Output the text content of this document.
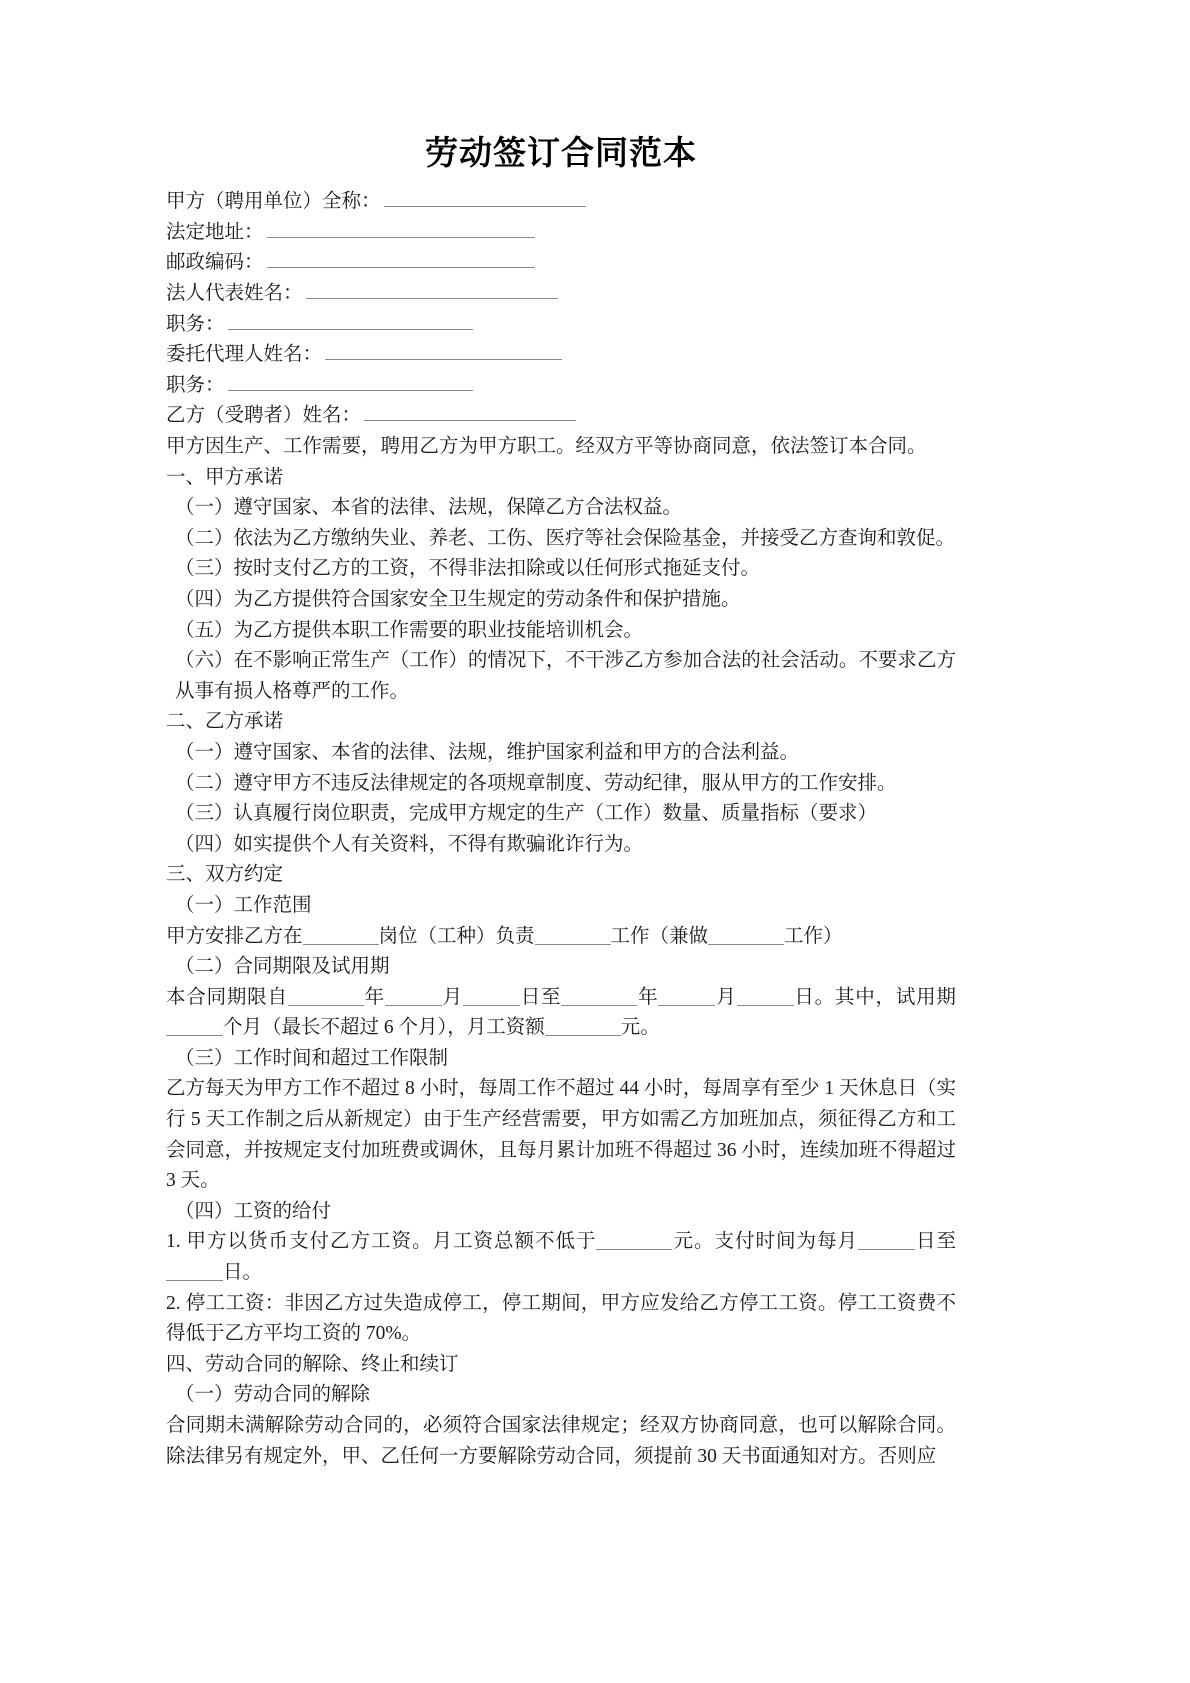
劳动签订合同范本
甲方（聘用单位）全称：
法定地址：
邮政编码：
法人代表姓名：
职务：
委托代理人姓名：
职务：
乙方（受聘者）姓名：
甲方因生产、工作需要，聘用乙方为甲方职工。经双方平等协商同意，依法签订本合同。
一、甲方承诺
（一）遵守国家、本省的法律、法规，保障乙方合法权益。
（二）依法为乙方缴纳失业、养老、工伤、医疗等社会保险基金，并接受乙方查询和敦促。
（三）按时支付乙方的工资，不得非法扣除或以任何形式拖延支付。
（四）为乙方提供符合国家安全卫生规定的劳动条件和保护措施。
（五）为乙方提供本职工作需要的职业技能培训机会。
（六）在不影响正常生产（工作）的情况下，不干涉乙方参加合法的社会活动。不要求乙方从事有损人格尊严的工作。
二、乙方承诺
（一）遵守国家、本省的法律、法规，维护国家利益和甲方的合法利益。
（二）遵守甲方不违反法律规定的各项规章制度、劳动纪律，服从甲方的工作安排。
（三）认真履行岗位职责，完成甲方规定的生产（工作）数量、质量指标（要求）
（四）如实提供个人有关资料，不得有欺骗讹诈行为。
三、双方约定
（一）工作范围
甲方安排乙方在	岗位（工种）负责	工作（兼做	工作）
（二）合同期限及试用期
本合同期限自	年	月	日至	年	月	日。其中，试用期个月（最长不超过 6 个月），月工资额	元。
（三）工作时间和超过工作限制
乙方每天为甲方工作不超过 8 小时，每周工作不超过 44 小时，每周享有至少 1 天休息日（实行 5 天工作制之后从新规定）由于生产经营需要，甲方如需乙方加班加点，须征得乙方和工会同意，并按规定支付加班费或调休，且每月累计加班不得超过 36 小时，连续加班不得超过 3 天。
（四）工资的给付
1. 甲方以货币支付乙方工资。月工资总额不低于	元。支付时间为每月	日至日。
2. 停工工资：非因乙方过失造成停工，停工期间，甲方应发给乙方停工工资。停工工资费不得低于乙方平均工资的 70%。
四、劳动合同的解除、终止和续订
（一）劳动合同的解除
合同期未满解除劳动合同的，必须符合国家法律规定；经双方协商同意，也可以解除合同。除法律另有规定外，甲、乙任何一方要解除劳动合同，须提前 30 天书面通知对方。否则应
